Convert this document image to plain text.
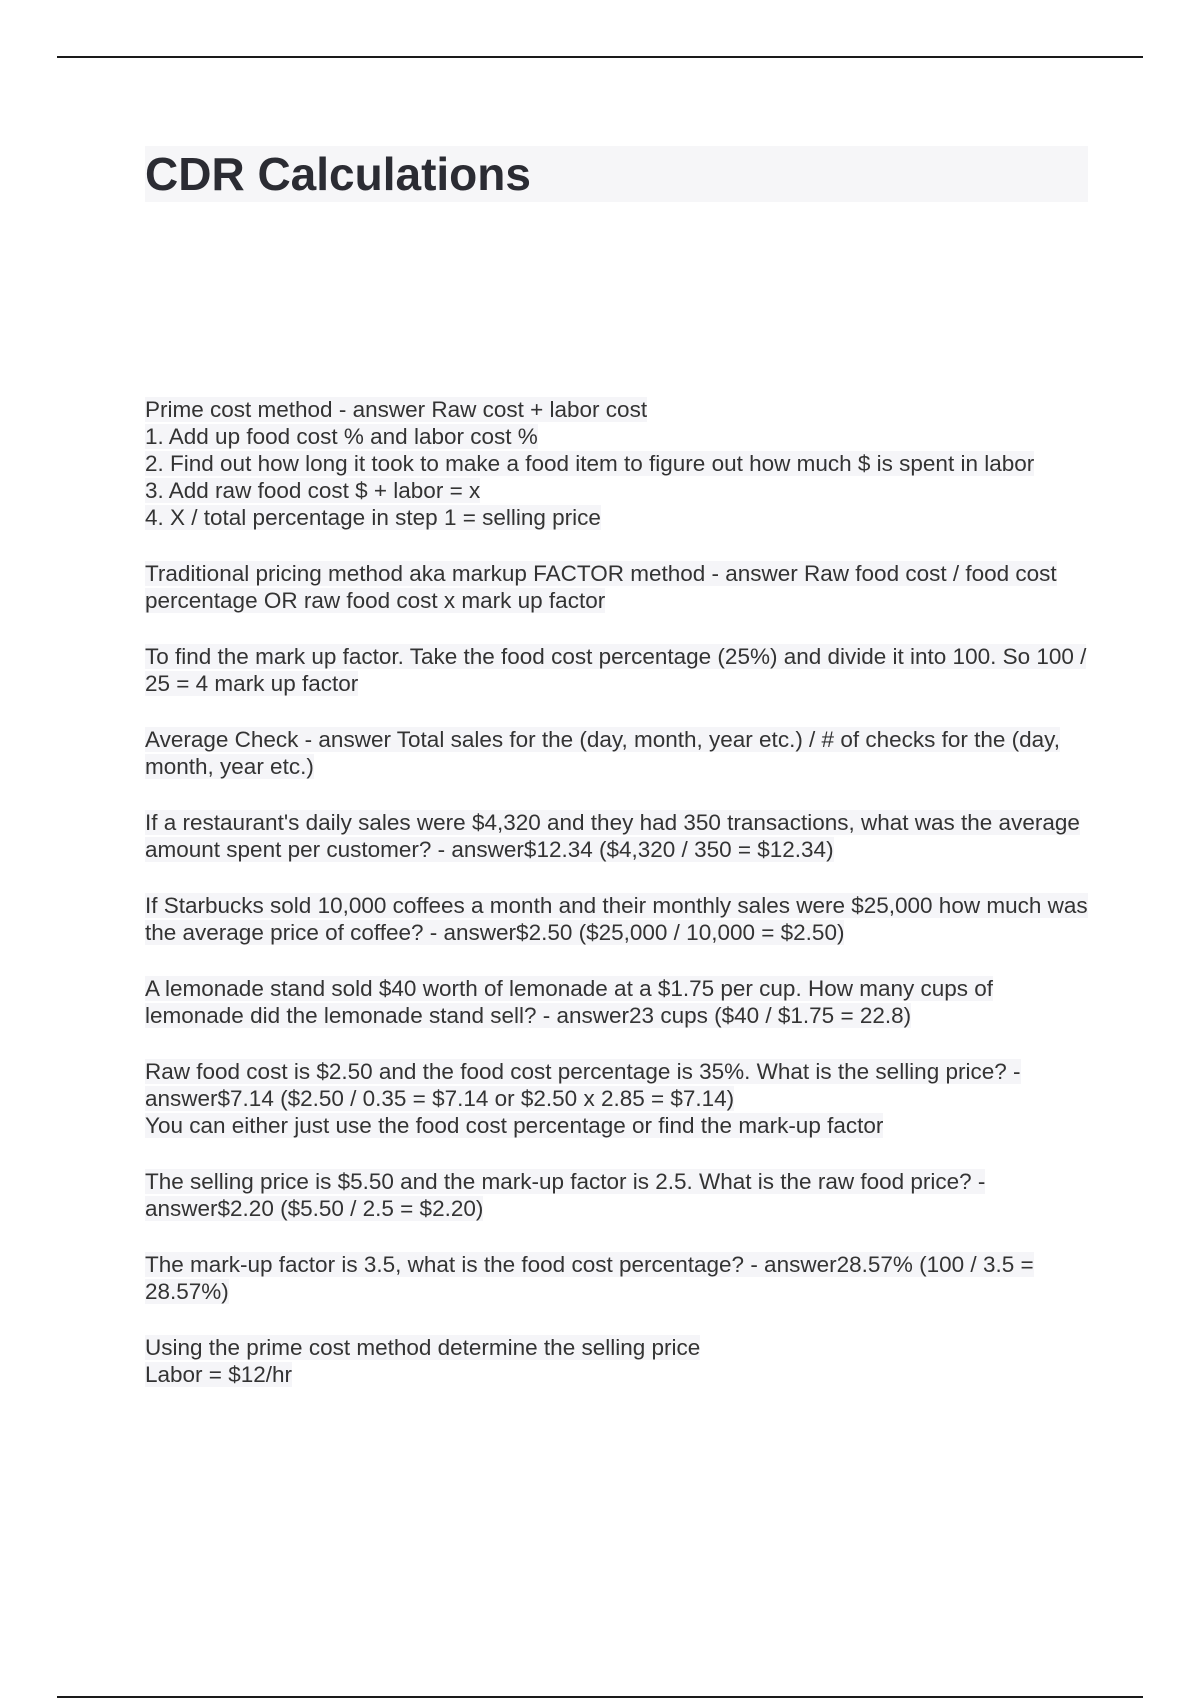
CDR Calculations
Prime cost method - answer Raw cost + labor cost
1. Add up food cost % and labor cost %
2. Find out how long it took to make a food item to figure out how much $ is spent in labor
3. Add raw food cost $ + labor = x
4. X / total percentage in step 1 = selling price
Traditional pricing method aka markup FACTOR method - answer Raw food cost / food cost percentage OR raw food cost x mark up factor
To find the mark up factor. Take the food cost percentage (25%) and divide it into 100. So 100 / 25 = 4 mark up factor
Average Check - answer Total sales for the (day, month, year etc.) / # of checks for the (day, month, year etc.)
If a restaurant's daily sales were $4,320 and they had 350 transactions, what was the average amount spent per customer? - answer$12.34 ($4,320 / 350 = $12.34)
If Starbucks sold 10,000 coffees a month and their monthly sales were $25,000 how much was the average price of coffee? - answer$2.50 ($25,000 / 10,000 = $2.50)
A lemonade stand sold $40 worth of lemonade at a $1.75 per cup. How many cups of lemonade did the lemonade stand sell? - answer23 cups ($40 / $1.75 = 22.8)
Raw food cost is $2.50 and the food cost percentage is 35%. What is the selling price? - answer$7.14 ($2.50 / 0.35 = $7.14 or $2.50 x 2.85 = $7.14)
You can either just use the food cost percentage or find the mark-up factor
The selling price is $5.50 and the mark-up factor is 2.5. What is the raw food price? - answer$2.20 ($5.50 / 2.5 = $2.20)
The mark-up factor is 3.5, what is the food cost percentage? - answer28.57% (100 / 3.5 = 28.57%)
Using the prime cost method determine the selling price
Labor = $12/hr
